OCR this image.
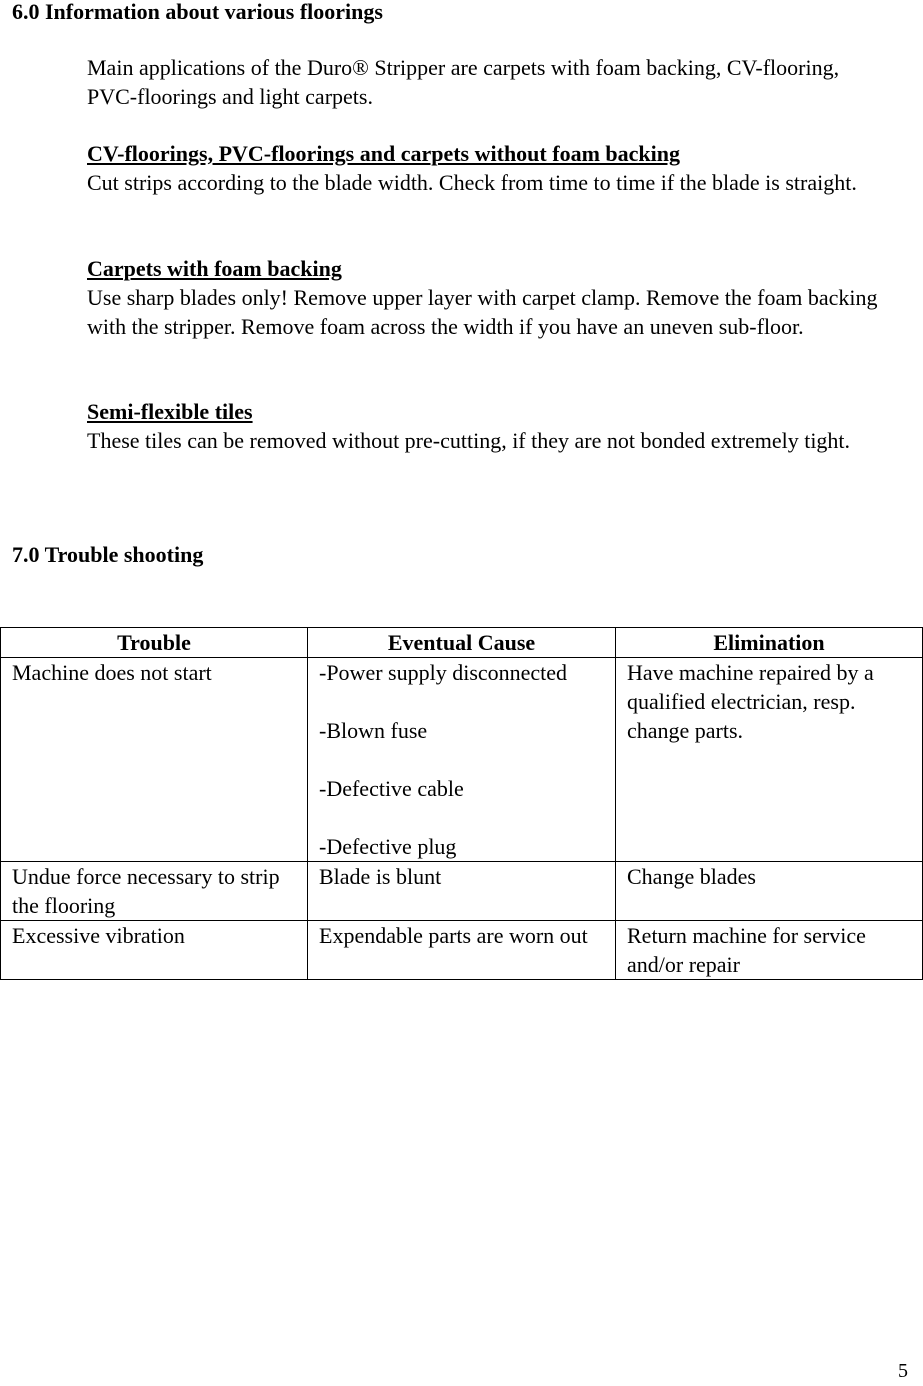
6.0 Information about various floorings

Main applications of the Duro® Stripper are carpets with foam backing, CV-flooring, PVC-floorings and light carpets.

CV-floorings, PVC-floorings and carpets without foam backing

Cut strips according to the blade width. Check from time to time if the blade is straight.

Carpets with foam backing

Use sharp blades only! Remove upper layer with carpet clamp. Remove the foam backing with the stripper. Remove foam across the width if you have an uneven sub-floor.

Semi-flexible tiles

These tiles can be removed without pre-cutting, if they are not bonded extremely tight.

7.0 Trouble shooting
Trouble	Eventual Cause	Elimination
Machine does not start	-Power supply disconnected
-Blown fuse
-Defective cable
-Defective plug	Have machine repaired by a qualified electrician, resp. change parts.
Undue force necessary to strip the flooring	Blade is blunt	Change blades
Excessive vibration	Expendable parts are worn out	Return machine for service and/or repair
5
